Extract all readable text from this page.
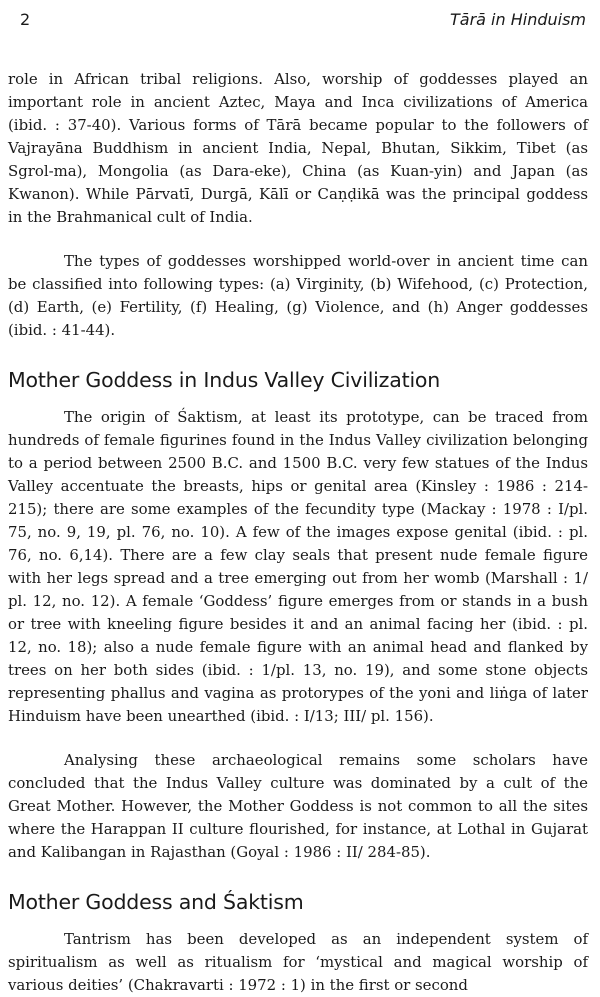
2	Tārā in Hinduism

role in African tribal religions. Also, worship of goddesses played an important role in ancient Aztec, Maya and Inca civilizations of America (ibid. : 37-40). Various forms of Tārā became popular to the followers of Vajrayāna Buddhism in ancient India, Nepal, Bhutan, Sikkim, Tibet (as Sgrol-ma), Mongolia (as Dara-eke), China (as Kuan-yin) and Japan (as Kwanon). While Pārvatī, Durgā, Kālī or Caṇḍikā was the principal goddess in the Brahmanical cult of India.

The types of goddesses worshipped world-over in ancient time can be classified into following types: (a) Virginity, (b) Wifehood, (c) Protection, (d) Earth, (e) Fertility, (f) Healing, (g) Violence, and (h) Anger goddesses (ibid. : 41-44).

Mother Goddess in Indus Valley Civilization

The origin of Śaktism, at least its prototype, can be traced from hundreds of female figurines found in the Indus Valley civilization belonging to a period between 2500 B.C. and 1500 B.C. very few statues of the Indus Valley accentuate the breasts, hips or genital area (Kinsley : 1986 : 214-215); there are some examples of the fecundity type (Mackay : 1978 : I/pl. 75, no. 9, 19, pl. 76, no. 10). A few of the images expose genital (ibid. : pl. 76, no. 6,14). There are a few clay seals that present nude female figure with her legs spread and a tree emerging out from her womb (Marshall : 1/ pl. 12, no. 12). A female ‘Goddess’ figure emerges from or stands in a bush or tree with kneeling figure besides it and an animal facing her (ibid. : pl. 12, no. 18); also a nude female figure with an animal head and flanked by trees on her both sides (ibid. : 1/pl. 13, no. 19), and some stone objects representing phallus and vagina as protorypes of the yoni and liṅga of later Hinduism have been unearthed (ibid. : I/13; III/ pl. 156).

Analysing these archaeological remains some scholars have concluded that the Indus Valley culture was dominated by a cult of the Great Mother. However, the Mother Goddess is not common to all the sites where the Harappan II culture flourished, for instance, at Lothal in Gujarat and Kalibangan in Rajasthan (Goyal : 1986 : II/ 284-85).

Mother Goddess and Śaktism

Tantrism has been developed as an independent system of spiritualism as well as ritualism for ‘mystical and magical worship of various deities’ (Chakravarti : 1972 : 1) in the first or second
